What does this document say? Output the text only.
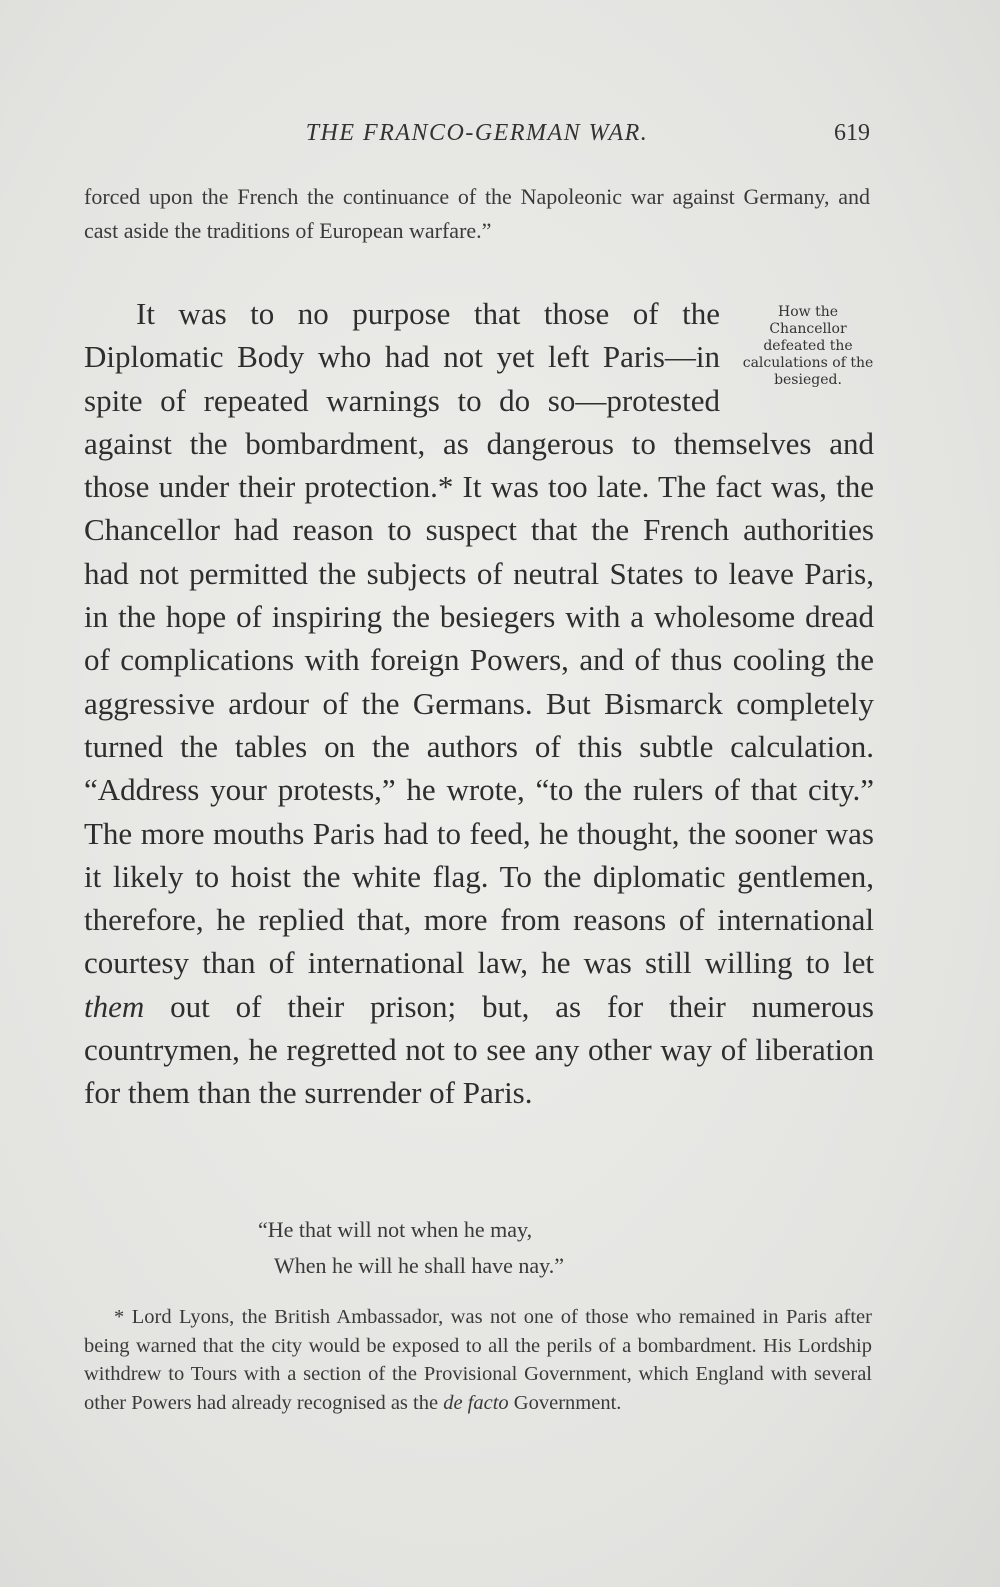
THE FRANCO-GERMAN WAR.	619
forced upon the French the continuance of the Napoleonic war against Germany, and cast aside the traditions of European warfare.”

How the Chancellor defeated the calculations of the besieged.
It was to no purpose that those of the Diplomatic Body who had not yet left Paris—in spite of repeated warnings to do so—protested against the bombardment, as dangerous to themselves and those under their protection.* It was too late. The fact was, the Chancellor had reason to suspect that the French authorities had not permitted the subjects of neutral States to leave Paris, in the hope of inspiring the besiegers with a wholesome dread of complications with foreign Powers, and of thus cooling the aggressive ardour of the Germans. But Bismarck completely turned the tables on the authors of this subtle calculation. “Address your protests,” he wrote, “to the rulers of that city.” The more mouths Paris had to feed, he thought, the sooner was it likely to hoist the white flag. To the diplomatic gentlemen, therefore, he replied that, more from reasons of international courtesy than of international law, he was still willing to let them out of their prison; but, as for their numerous countrymen, he regretted not to see any other way of liberation for them than the surrender of Paris.

“He that will not when he may,
When he will he shall have nay.”

* Lord Lyons, the British Ambassador, was not one of those who remained in Paris after being warned that the city would be exposed to all the perils of a bombardment. His Lordship withdrew to Tours with a section of the Provisional Government, which England with several other Powers had already recognised as the de facto Government.
